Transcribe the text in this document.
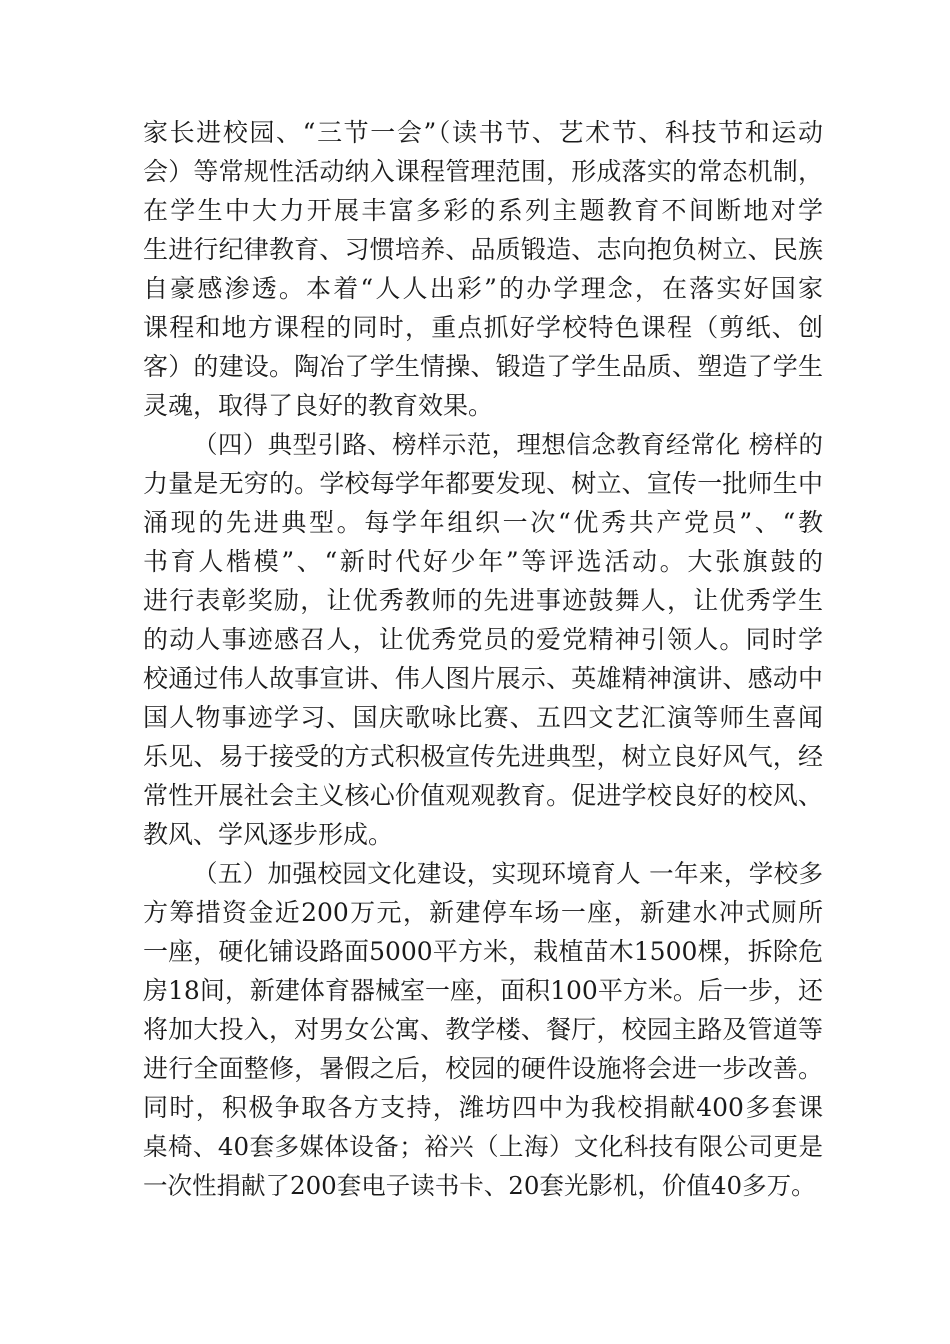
家长进校园、“三节一会”（读书节、艺术节、科技节和运动
会）等常规性活动纳入课程管理范围，形成落实的常态机制，
在学生中大力开展丰富多彩的系列主题教育不间断地对学
生进行纪律教育、习惯培养、品质锻造、志向抱负树立、民族
自豪感渗透。本着“人人出彩”的办学理念，在落实好国家
课程和地方课程的同时，重点抓好学校特色课程（剪纸、创
客）的建设。陶冶了学生情操、锻造了学生品质、塑造了学生
灵魂，取得了良好的教育效果。
（四）典型引路、榜样示范，理想信念教育经常化 榜样的
力量是无穷的。学校每学年都要发现、树立、宣传一批师生中
涌现的先进典型。每学年组织一次“优秀共产党员”、“教
书育人楷模”、“新时代好少年”等评选活动。大张旗鼓的
进行表彰奖励，让优秀教师的先进事迹鼓舞人，让优秀学生
的动人事迹感召人，让优秀党员的爱党精神引领人。同时学
校通过伟人故事宣讲、伟人图片展示、英雄精神演讲、感动中
国人物事迹学习、国庆歌咏比赛、五四文艺汇演等师生喜闻
乐见、易于接受的方式积极宣传先进典型，树立良好风气，经
常性开展社会主义核心价值观观教育。促进学校良好的校风、
教风、学风逐步形成。
（五）加强校园文化建设，实现环境育人 一年来，学校多
方筹措资金近200万元，新建停车场一座，新建水冲式厕所
一座，硬化铺设路面5000平方米，栽植苗木1500棵，拆除危
房18间，新建体育器械室一座，面积100平方米。后一步，还
将加大投入，对男女公寓、教学楼、餐厅，校园主路及管道等
进行全面整修，暑假之后，校园的硬件设施将会进一步改善。
同时，积极争取各方支持，潍坊四中为我校捐献400多套课
桌椅、40套多媒体设备；裕兴（上海）文化科技有限公司更是
一次性捐献了200套电子读书卡、20套光影机，价值40多万。
